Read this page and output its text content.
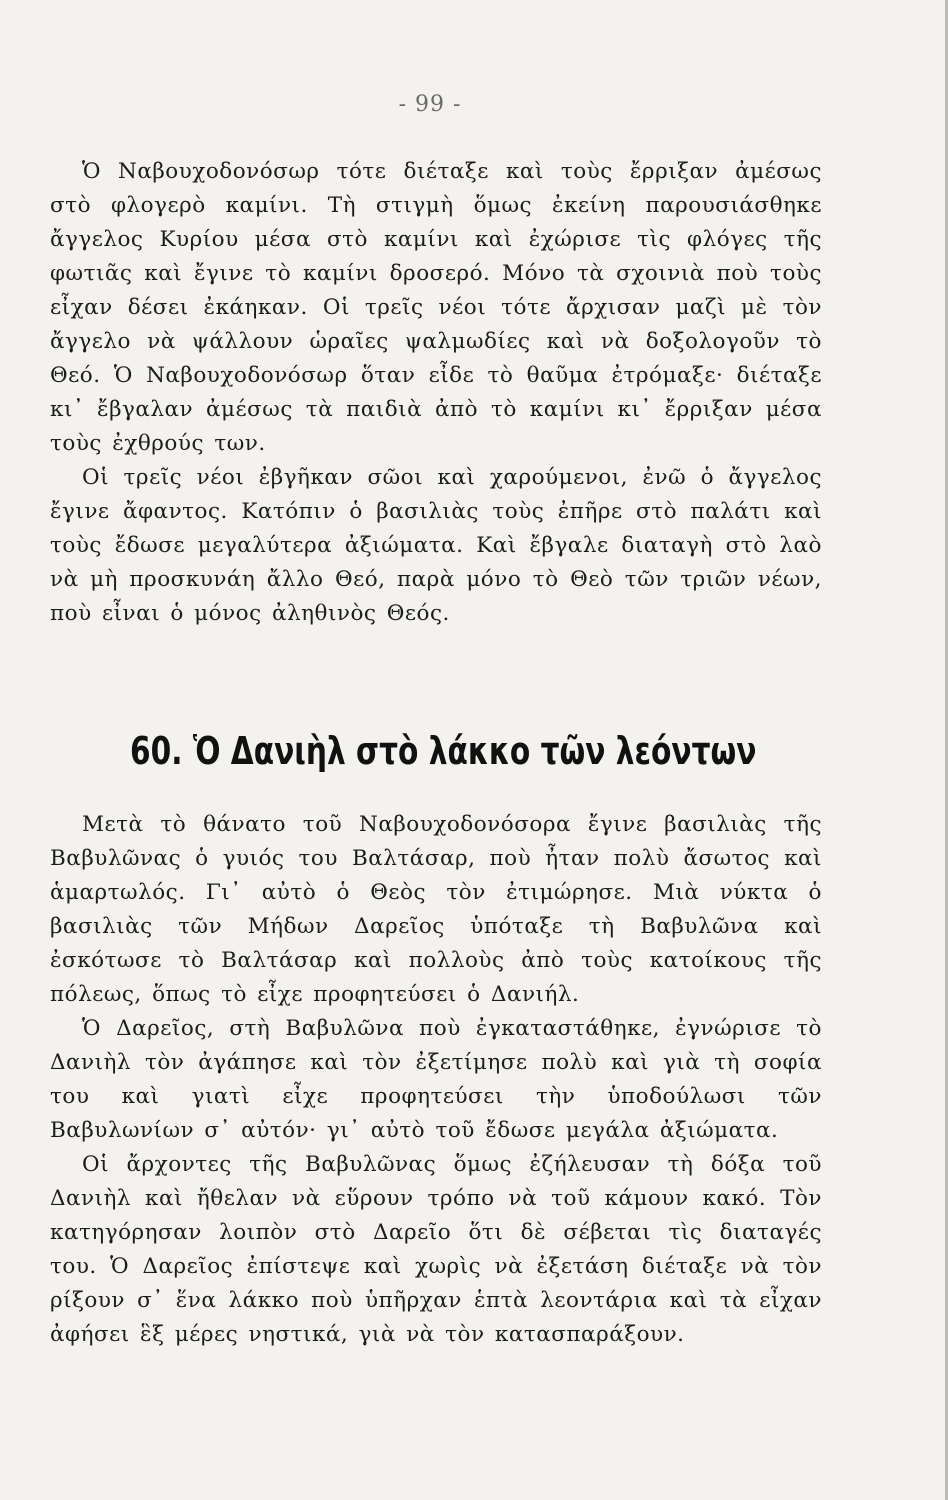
- 99 -

Ὁ Ναβουχοδονόσωρ τότε διέταξε καὶ τοὺς ἔρριξαν ἀμέσως στὸ φλογερὸ καμίνι. Τὴ στιγμὴ ὅμως ἐκείνη παρουσιάσθηκε ἄγγελος Κυρίου μέσα στὸ καμίνι καὶ ἐχώρισε τὶς φλόγες τῆς φωτιᾶς καὶ ἔγινε τὸ καμίνι δροσερό. Μόνο τὰ σχοινιὰ ποὺ τοὺς εἶχαν δέσει ἐκάηκαν. Οἱ τρεῖς νέοι τότε ἄρχισαν μαζὶ μὲ τὸν ἄγγελο νὰ ψάλλουν ὡραῖες ψαλμωδίες καὶ νὰ δοξολογοῦν τὸ Θεό. Ὁ Ναβουχοδονόσωρ ὅταν εἶδε τὸ θαῦμα ἐτρόμαξε· διέταξε κι᾽ ἔβγαλαν ἀμέσως τὰ παιδιὰ ἀπὸ τὸ καμίνι κι᾽ ἔρριξαν μέσα τοὺς ἐχθρούς των.

Οἱ τρεῖς νέοι ἐβγῆκαν σῶοι καὶ χαρούμενοι, ἐνῶ ὁ ἄγγελος ἔγινε ἄφαντος. Κατόπιν ὁ βασιλιὰς τοὺς ἐπῆρε στὸ παλάτι καὶ τοὺς ἔδωσε μεγαλύτερα ἀξιώματα. Καὶ ἔβγαλε διαταγὴ στὸ λαὸ νὰ μὴ προσκυνάη ἄλλο Θεό, παρὰ μόνο τὸ Θεὸ τῶν τριῶν νέων, ποὺ εἶναι ὁ μόνος ἀληθινὸς Θεός.

60. Ὁ Δανιὴλ στὸ λάκκο τῶν λεόντων

Μετὰ τὸ θάνατο τοῦ Ναβουχοδονόσορα ἔγινε βασιλιὰς τῆς Βαβυλῶνας ὁ γυιός του Βαλτάσαρ, ποὺ ἦταν πολὺ ἄσωτος καὶ ἁμαρτωλός. Γι᾽ αὐτὸ ὁ Θεὸς τὸν ἐτιμώρησε. Μιὰ νύκτα ὁ βασιλιὰς τῶν Μήδων Δαρεῖος ὑπόταξε τὴ Βαβυλῶνα καὶ ἐσκότωσε τὸ Βαλτάσαρ καὶ πολλοὺς ἀπὸ τοὺς κατοίκους τῆς πόλεως, ὅπως τὸ εἶχε προφητεύσει ὁ Δανιήλ.

Ὁ Δαρεῖος, στὴ Βαβυλῶνα ποὺ ἐγκαταστάθηκε, ἐγνώρισε τὸ Δανιὴλ τὸν ἀγάπησε καὶ τὸν ἐξετίμησε πολὺ καὶ γιὰ τὴ σοφία του καὶ γιατὶ εἶχε προφητεύσει τὴν ὑποδούλωσι τῶν Βαβυλωνίων σ᾽ αὐτόν· γι᾽ αὐτὸ τοῦ ἔδωσε μεγάλα ἀξιώματα.

Οἱ ἄρχοντες τῆς Βαβυλῶνας ὅμως ἐζήλευσαν τὴ δόξα τοῦ Δανιὴλ καὶ ἤθελαν νὰ εὕρουν τρόπο νὰ τοῦ κάμουν κακό. Τὸν κατηγόρησαν λοιπὸν στὸ Δαρεῖο ὅτι δὲ σέβεται τὶς διαταγές του. Ὁ Δαρεῖος ἐπίστεψε καὶ χωρὶς νὰ ἐξετάση διέταξε νὰ τὸν ρίξουν σ᾽ ἕνα λάκκο ποὺ ὑπῆρχαν ἑπτὰ λεοντάρια καὶ τὰ εἶχαν ἀφήσει ἓξ μέρες νηστικά, γιὰ νὰ τὸν κατασπαράξουν.
